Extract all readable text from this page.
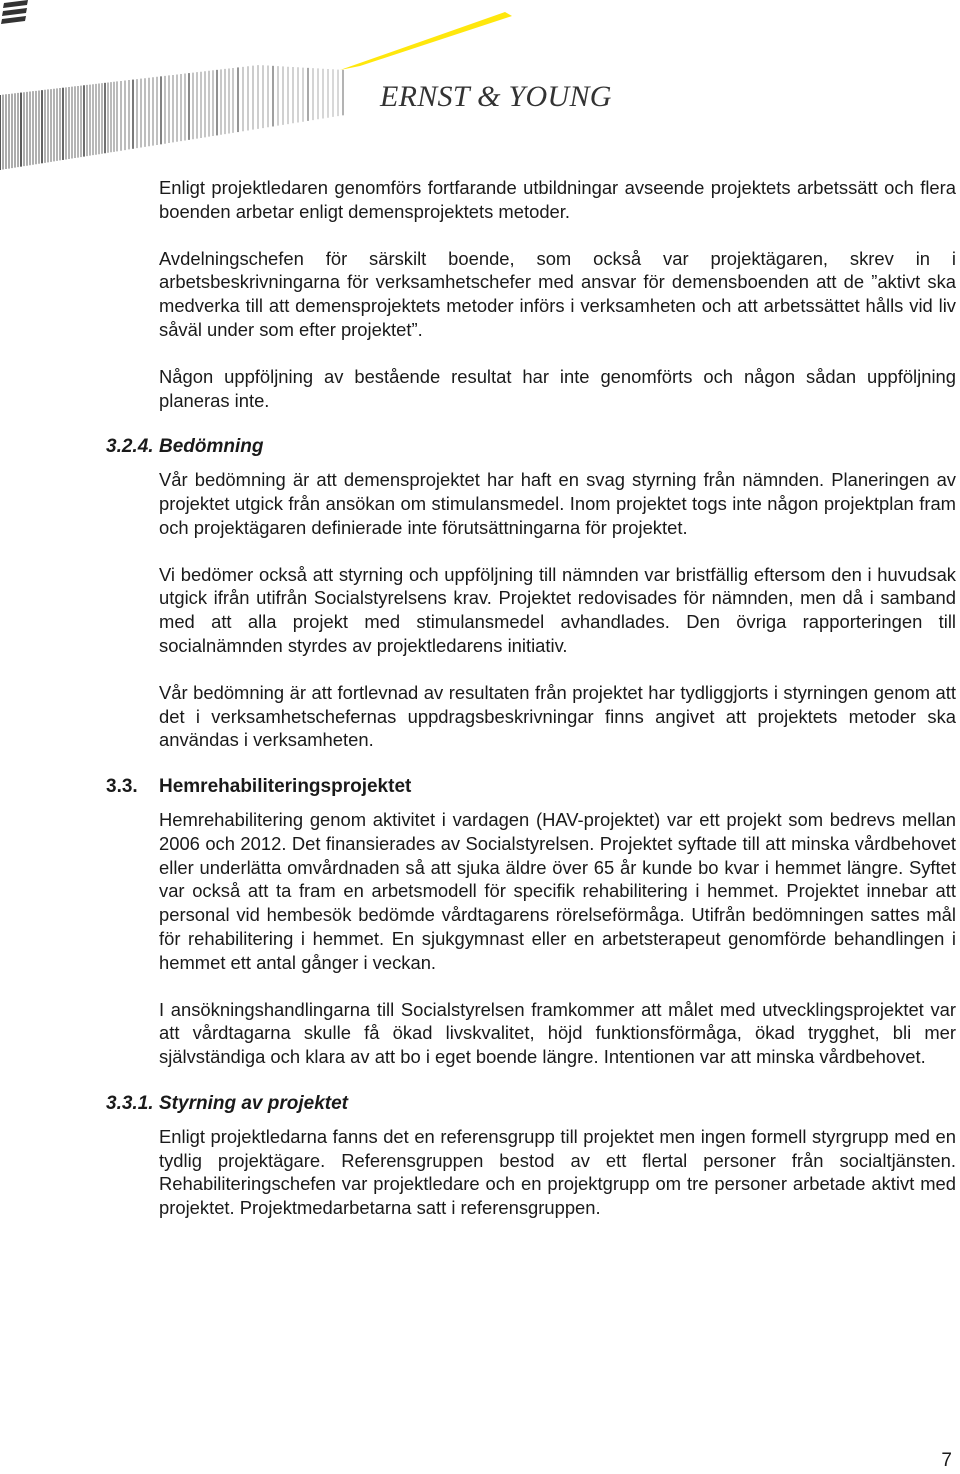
ERNST & YOUNG

Enligt projektledaren genomförs fortfarande utbildningar avseende projektets arbetssätt och flera boenden arbetar enligt demensprojektets metoder.

Avdelningschefen för särskilt boende, som också var projektägaren, skrev in i arbetsbeskrivningarna för verksamhetschefer med ansvar för demensboenden att de ”aktivt ska medverka till att demensprojektets metoder införs i verksamheten och att arbetssättet hålls vid liv såväl under som efter projektet”.

Någon uppföljning av bestående resultat har inte genomförts och någon sådan uppföljning planeras inte.

3.2.4. Bedömning

Vår bedömning är att demensprojektet har haft en svag styrning från nämnden. Planeringen av projektet utgick från ansökan om stimulansmedel. Inom projektet togs inte någon projektplan fram och projektägaren definierade inte förutsättningarna för projektet.

Vi bedömer också att styrning och uppföljning till nämnden var bristfällig eftersom den i huvudsak utgick ifrån utifrån Socialstyrelsens krav. Projektet redovisades för nämnden, men då i samband med att alla projekt med stimulansmedel avhandlades. Den övriga rapporteringen till socialnämnden styrdes av projektledarens initiativ.

Vår bedömning är att fortlevnad av resultaten från projektet har tydliggjorts i styrningen genom att det i verksamhetschefernas uppdragsbeskrivningar finns angivet att projektets metoder ska användas i verksamheten.

3.3. Hemrehabiliteringsprojektet

Hemrehabilitering genom aktivitet i vardagen (HAV-projektet) var ett projekt som bedrevs mellan 2006 och 2012. Det finansierades av Socialstyrelsen. Projektet syftade till att minska vårdbehovet eller underlätta omvårdnaden så att sjuka äldre över 65 år kunde bo kvar i hemmet längre. Syftet var också att ta fram en arbetsmodell för specifik rehabilitering i hemmet. Projektet innebar att personal vid hembesök bedömde vårdtagarens rörelseförmåga. Utifrån bedömningen sattes mål för rehabilitering i hemmet. En sjukgymnast eller en arbetsterapeut genomförde behandlingen i hemmet ett antal gånger i veckan.

I ansökningshandlingarna till Socialstyrelsen framkommer att målet med utvecklingsprojektet var att vårdtagarna skulle få ökad livskvalitet, höjd funktionsförmåga, ökad trygghet, bli mer självständiga och klara av att bo i eget boende längre. Intentionen var att minska vårdbehovet.

3.3.1. Styrning av projektet

Enligt projektledarna fanns det en referensgrupp till projektet men ingen formell styrgrupp med en tydlig projektägare. Referensgruppen bestod av ett flertal personer från socialtjänsten. Rehabiliteringschefen var projektledare och en projektgrupp om tre personer arbetade aktivt med projektet. Projektmedarbetarna satt i referensgruppen.

7
